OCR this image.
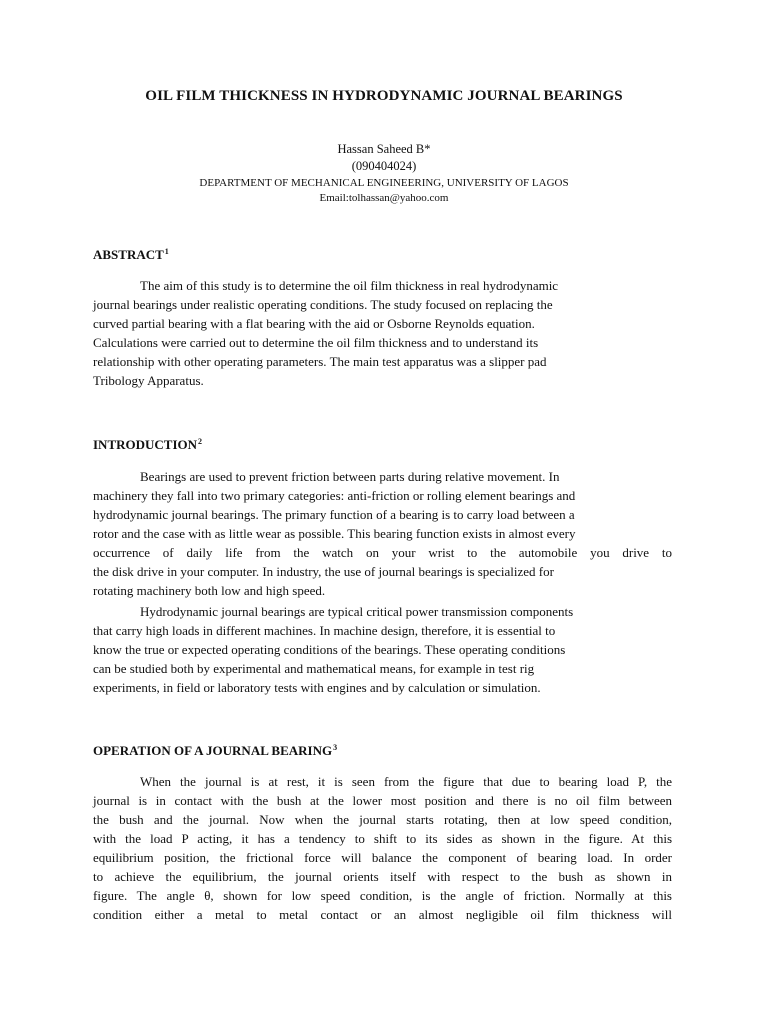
OIL FILM THICKNESS IN HYDRODYNAMIC JOURNAL BEARINGS
Hassan Saheed B*
(090404024)
DEPARTMENT OF MECHANICAL ENGINEERING, UNIVERSITY OF LAGOS
Email:tolhassan@yahoo.com
ABSTRACT$^1$
The aim of this study is to determine the oil film thickness in real hydrodynamic
journal bearings under realistic operating conditions. The study focused on replacing the
curved partial bearing with a flat bearing with the aid or Osborne Reynolds equation.
Calculations were carried out to determine the oil film thickness and to understand its
relationship with other operating parameters. The main test apparatus was a slipper pad
Tribology Apparatus.
INTRODUCTION$^2$
Bearings are used to prevent friction between parts during relative movement. In
machinery they fall into two primary categories: anti-friction or rolling element bearings and
hydrodynamic journal bearings. The primary function of a bearing is to carry load between a
rotor and the case with as little wear as possible. This bearing function exists in almost every
occurrence of daily life from the watch on your wrist to the automobile you drive to
the disk drive in your computer. In industry, the use of journal bearings is specialized for
rotating machinery both low and high speed.
Hydrodynamic journal bearings are typical critical power transmission components
that carry high loads in different machines. In machine design, therefore, it is essential to
know the true or expected operating conditions of the bearings. These operating conditions
can be studied both by experimental and mathematical means, for example in test rig
experiments, in field or laboratory tests with engines and by calculation or simulation.
OPERATION OF A JOURNAL BEARING$^3$
When the journal is at rest, it is seen from the figure that due to bearing load P, the
journal is in contact with the bush at the lower most position and there is no oil film between
the bush and the journal. Now when the journal starts rotating, then at low speed condition,
with the load P acting, it has a tendency to shift to its sides as shown in the figure. At this
equilibrium position, the frictional force will balance the component of bearing load. In order
to achieve the equilibrium, the journal orients itself with respect to the bush as shown in
figure. The angle θ, shown for low speed condition, is the angle of friction. Normally at this
condition either a metal to metal contact or an almost negligible oil film thickness will
